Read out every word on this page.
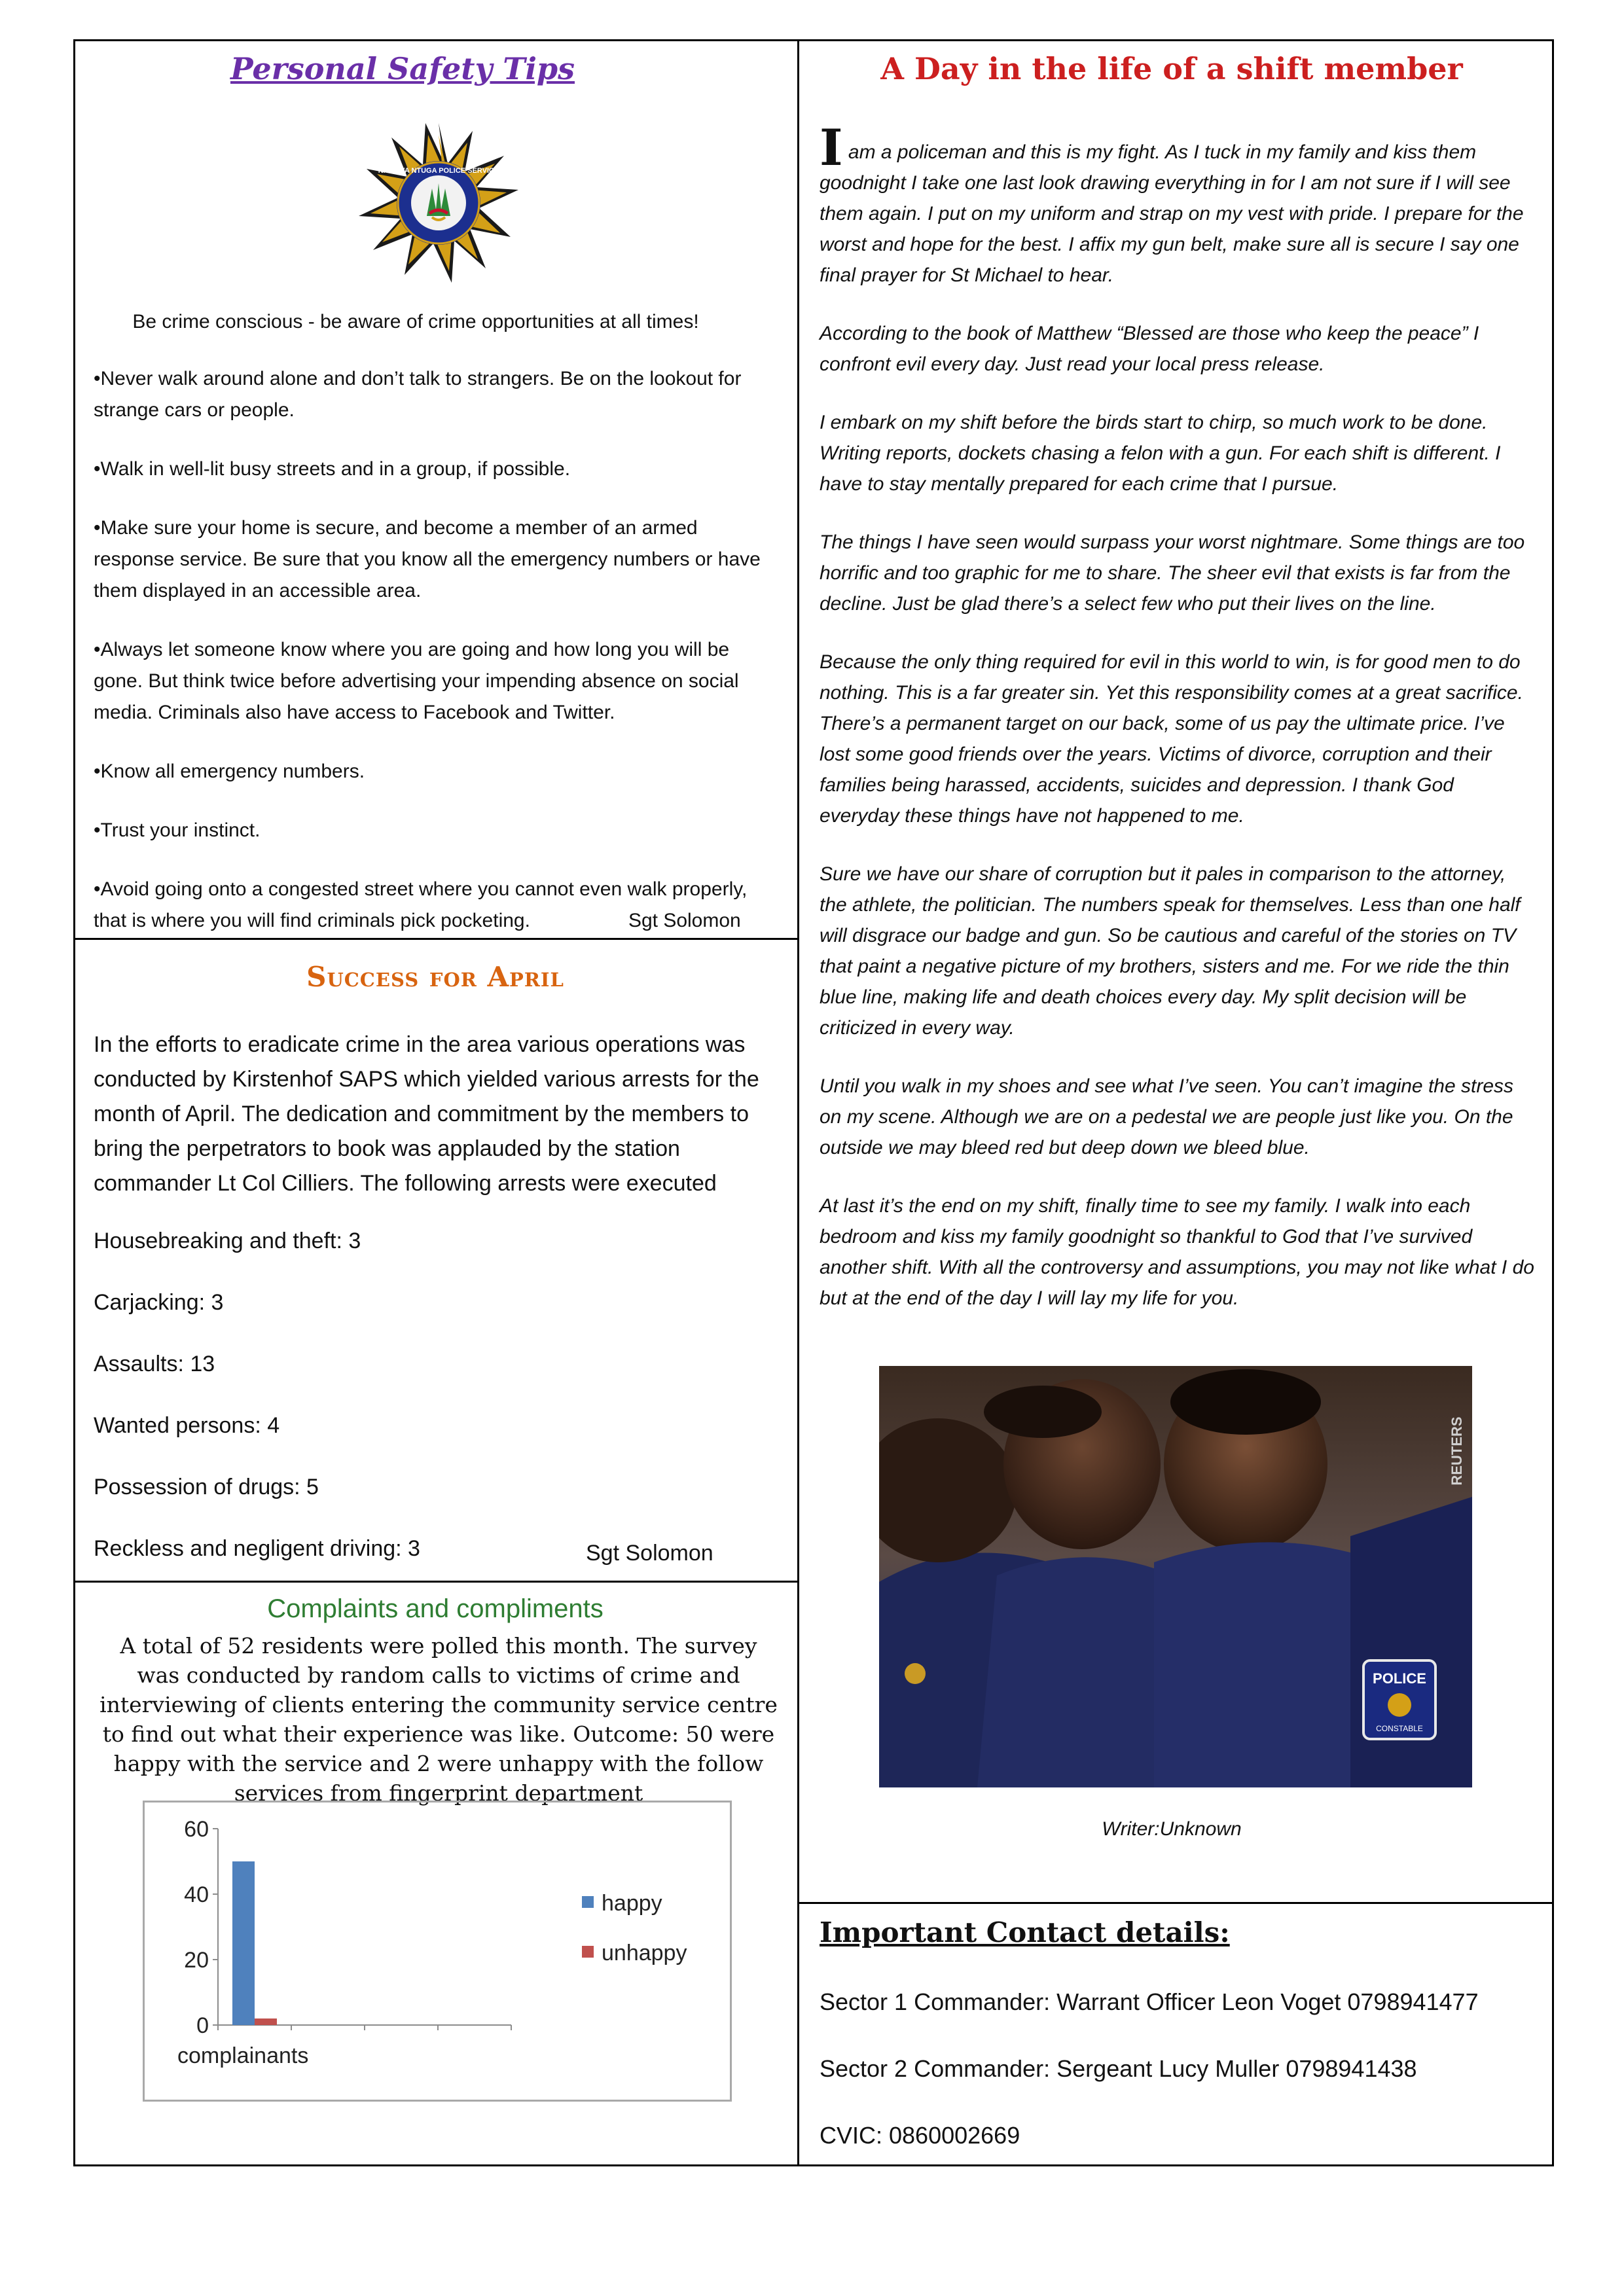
Personal Safety Tips
NAPIRYA NTUGA POLICE SERVICE
Be crime conscious - be aware of crime opportunities at all times!

•Never walk around alone and don’t talk to strangers. Be on the lookout for strange cars or people.

•Walk in well-lit busy streets and in a group, if possible.

•Make sure your home is secure, and become a member of an armed response service. Be sure that you know all the emergency numbers or have them displayed in an accessible area.

•Always let someone know where you are going and how long you will be gone. But think twice before advertising your impending absence on social media. Criminals also have access to Facebook and Twitter.

•Know all emergency numbers.

•Trust your instinct.

•Avoid going onto a congested street where you cannot even walk properly, that is where you will find criminals pick pocketing.	Sgt Solomon

Success for April
In the efforts to eradicate crime in the area various operations was conducted by Kirstenhof SAPS which yielded various arrests for the month of April. The dedication and commitment by the members to bring the perpetrators to book was applauded by the station commander Lt Col Cilliers. The following arrests were executed
Housebreaking and theft: 3
Carjacking: 3
Assaults: 13
Wanted persons: 4
Possession of drugs: 5
Reckless and negligent driving: 3	Sgt Solomon
Complaints and compliments
A total of 52 residents were polled this month. The survey was conducted by random calls to victims of crime and interviewing of clients entering the community service centre to find out what their experience was like. Outcome: 50 were happy with the service and 2 were unhappy with the follow services from fingerprint department
60
40
20
0
complainants
happy
unhappy
A Day in the life of a shift member

I am a policeman and this is my fight. As I tuck in my family and kiss them goodnight I take one last look drawing everything in for I am not sure if I will see them again. I put on my uniform and strap on my vest with pride. I prepare for the worst and hope for the best. I affix my gun belt, make sure all is secure I say one final prayer for St Michael to hear.

According to the book of Matthew “Blessed are those who keep the peace” I confront evil every day. Just read your local press release.

I embark on my shift before the birds start to chirp, so much work to be done. Writing reports, dockets chasing a felon with a gun. For each shift is different. I have to stay mentally prepared for each crime that I pursue.

The things I have seen would surpass your worst nightmare. Some things are too horrific and too graphic for me to share. The sheer evil that exists is far from the decline. Just be glad there’s a select few who put their lives on the line.

Because the only thing required for evil in this world to win, is for good men to do nothing. This is a far greater sin. Yet this responsibility comes at a great sacrifice. There’s a permanent target on our back, some of us pay the ultimate price. I’ve lost some good friends over the years. Victims of divorce, corruption and their families being harassed, accidents, suicides and depression. I thank God everyday these things have not happened to me.

Sure we have our share of corruption but it pales in comparison to the attorney, the athlete, the politician. The numbers speak for themselves. Less than one half will disgrace our badge and gun. So be cautious and careful of the stories on TV that paint a negative picture of my brothers, sisters and me. For we ride the thin blue line, making life and death choices every day. My split decision will be criticized in every way.

Until you walk in my shoes and see what I’ve seen. You can’t imagine the stress on my scene. Although we are on a pedestal we are people just like you. On the outside we may bleed red but deep down we bleed blue.

At last it’s the end on my shift, finally time to see my family. I walk into each bedroom and kiss my family goodnight so thankful to God that I’ve survived another shift. With all the controversy and assumptions, you may not like what I do but at the end of the day I will lay my life for you.

POLICE
CONSTABLE
REUTERS
Writer:Unknown
Important Contact details:
Sector 1 Commander: Warrant Officer Leon Voget 0798941477
Sector 2 Commander: Sergeant Lucy Muller 0798941438
CVIC: 0860002669
